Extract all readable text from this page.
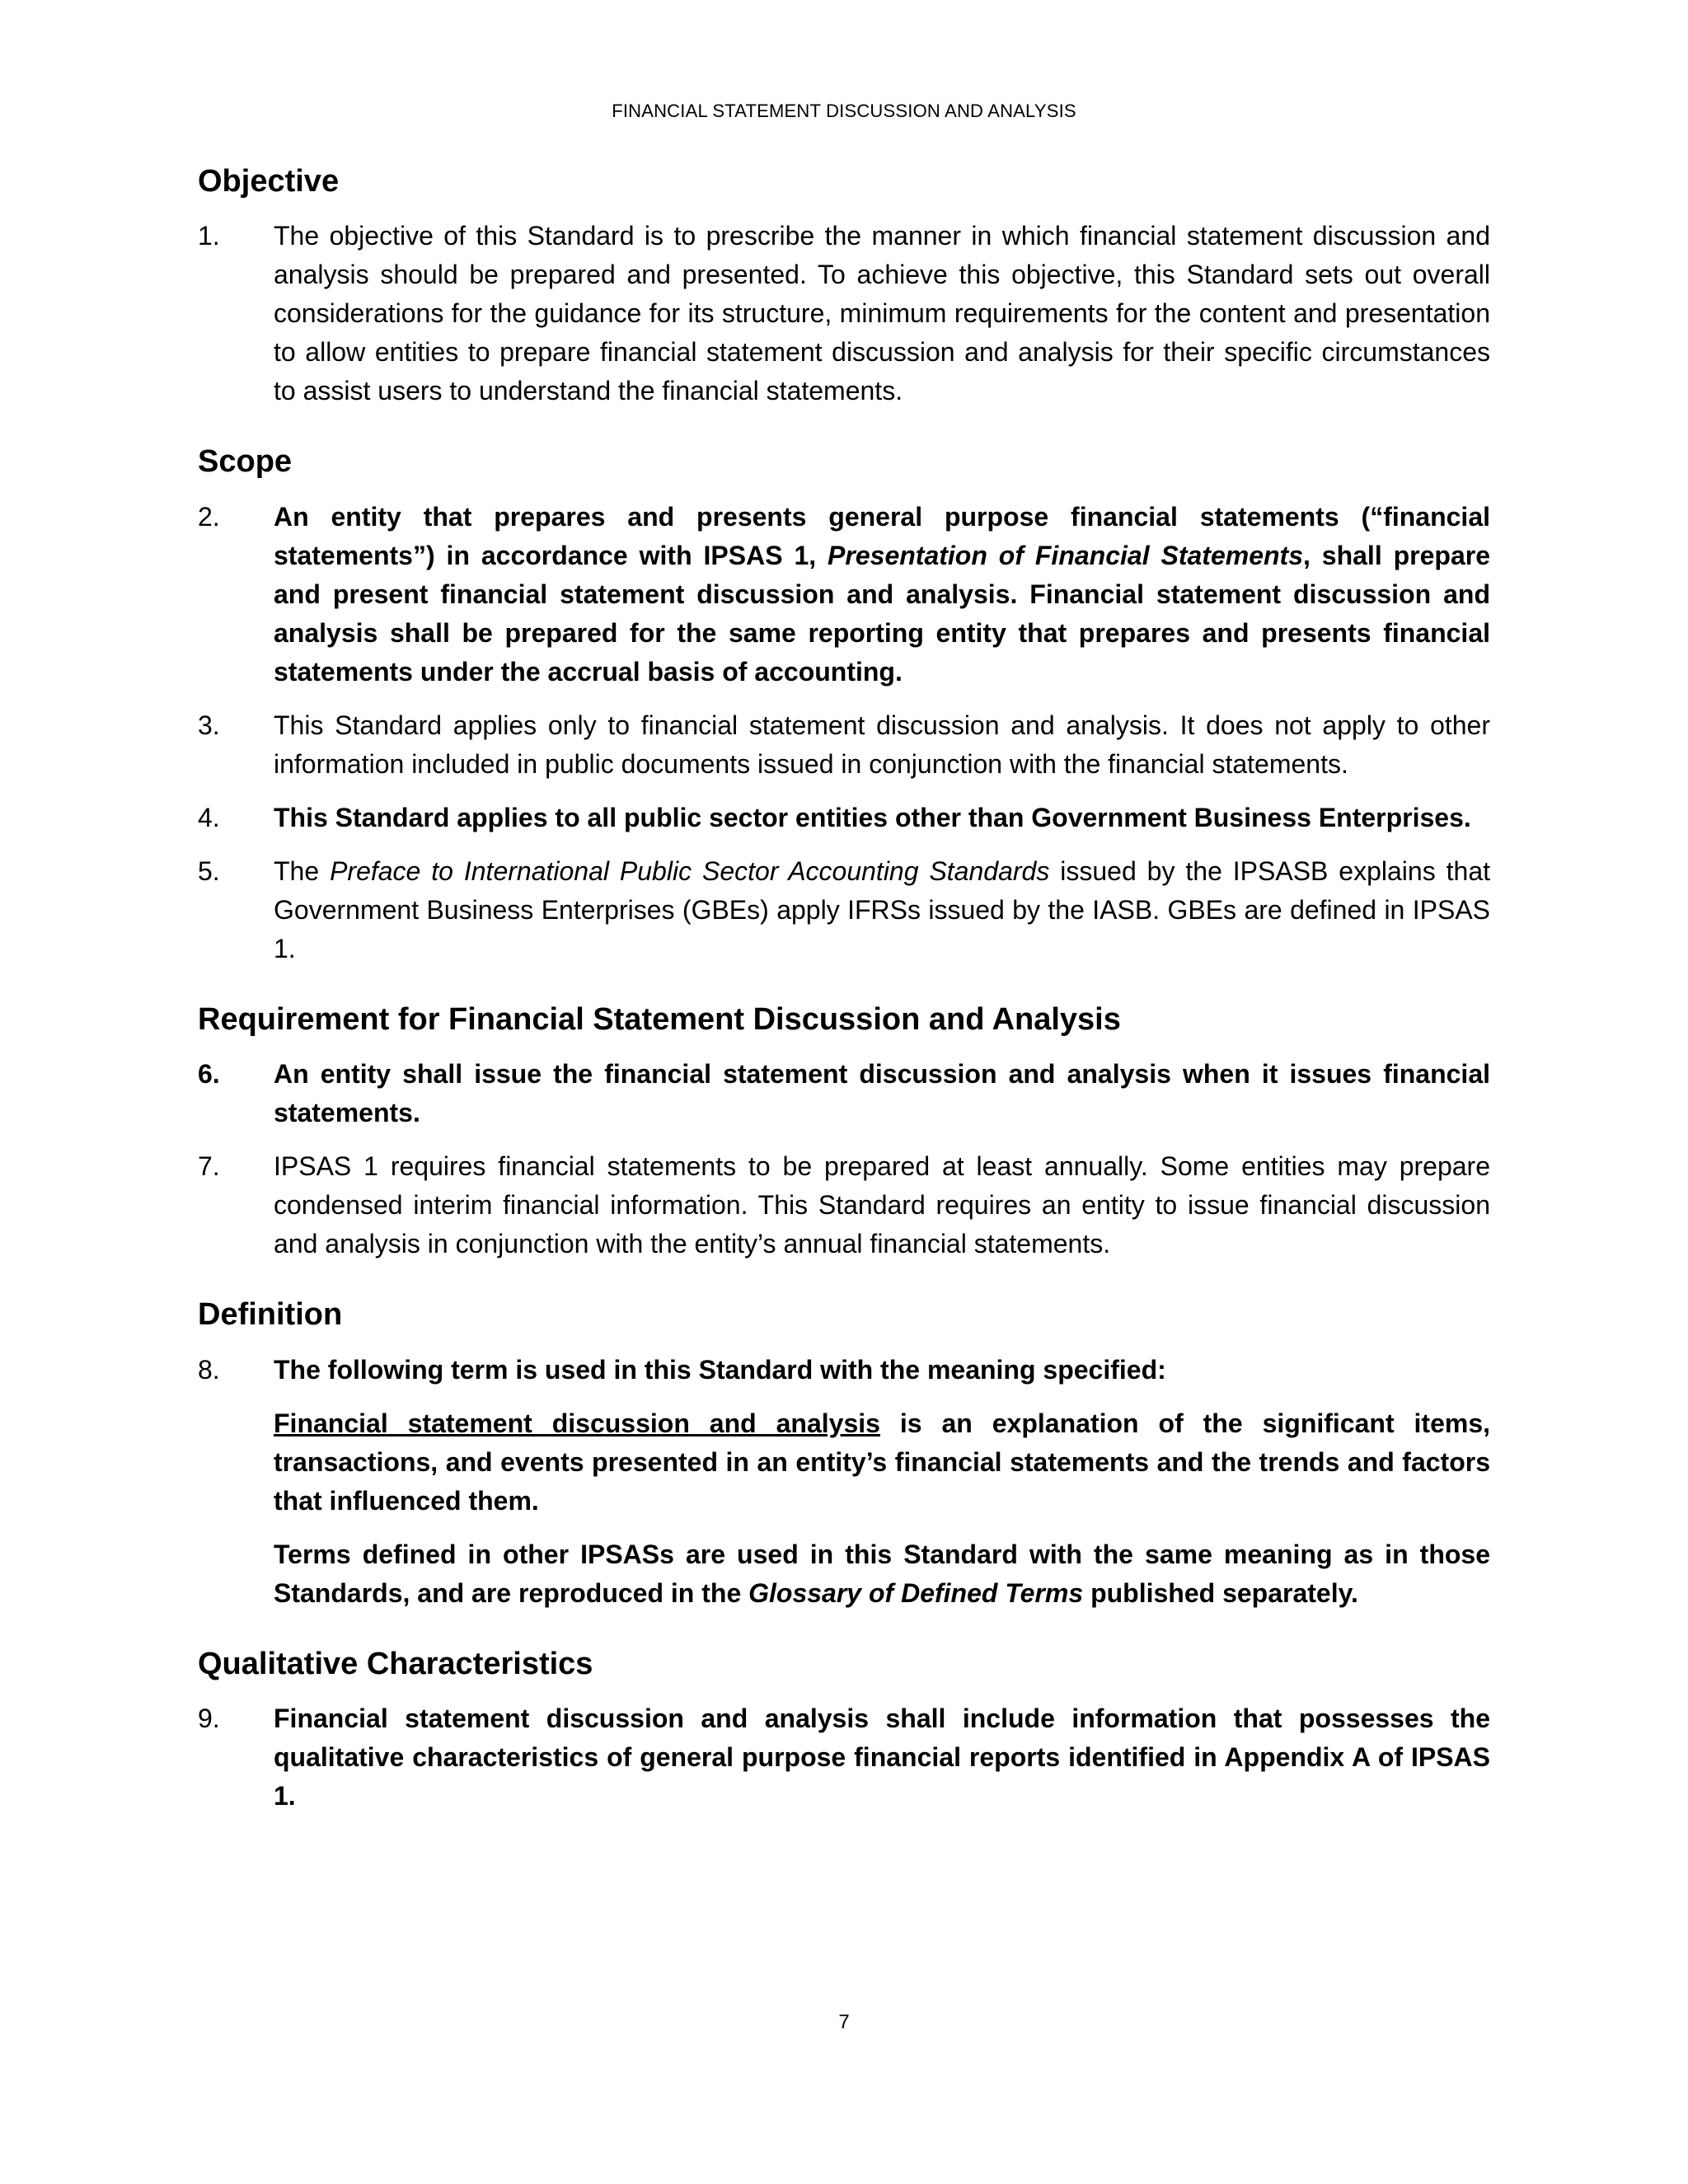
FINANCIAL STATEMENT DISCUSSION AND ANALYSIS
Objective
1.	The objective of this Standard is to prescribe the manner in which financial statement discussion and analysis should be prepared and presented. To achieve this objective, this Standard sets out overall considerations for the guidance for its structure, minimum requirements for the content and presentation to allow entities to prepare financial statement discussion and analysis for their specific circumstances to assist users to understand the financial statements.
Scope
2.	An entity that prepares and presents general purpose financial statements (“financial statements”) in accordance with IPSAS 1, Presentation of Financial Statements, shall prepare and present financial statement discussion and analysis. Financial statement discussion and analysis shall be prepared for the same reporting entity that prepares and presents financial statements under the accrual basis of accounting.
3.	This Standard applies only to financial statement discussion and analysis. It does not apply to other information included in public documents issued in conjunction with the financial statements.
4.	This Standard applies to all public sector entities other than Government Business Enterprises.
5.	The Preface to International Public Sector Accounting Standards issued by the IPSASB explains that Government Business Enterprises (GBEs) apply IFRSs issued by the IASB. GBEs are defined in IPSAS 1.
Requirement for Financial Statement Discussion and Analysis
6.	An entity shall issue the financial statement discussion and analysis when it issues financial statements.
7.	IPSAS 1 requires financial statements to be prepared at least annually. Some entities may prepare condensed interim financial information. This Standard requires an entity to issue financial discussion and analysis in conjunction with the entity’s annual financial statements.
Definition
8.	The following term is used in this Standard with the meaning specified:
Financial statement discussion and analysis is an explanation of the significant items, transactions, and events presented in an entity’s financial statements and the trends and factors that influenced them.
Terms defined in other IPSASs are used in this Standard with the same meaning as in those Standards, and are reproduced in the Glossary of Defined Terms published separately.
Qualitative Characteristics
9.	Financial statement discussion and analysis shall include information that possesses the qualitative characteristics of general purpose financial reports identified in Appendix A of IPSAS 1.
7
